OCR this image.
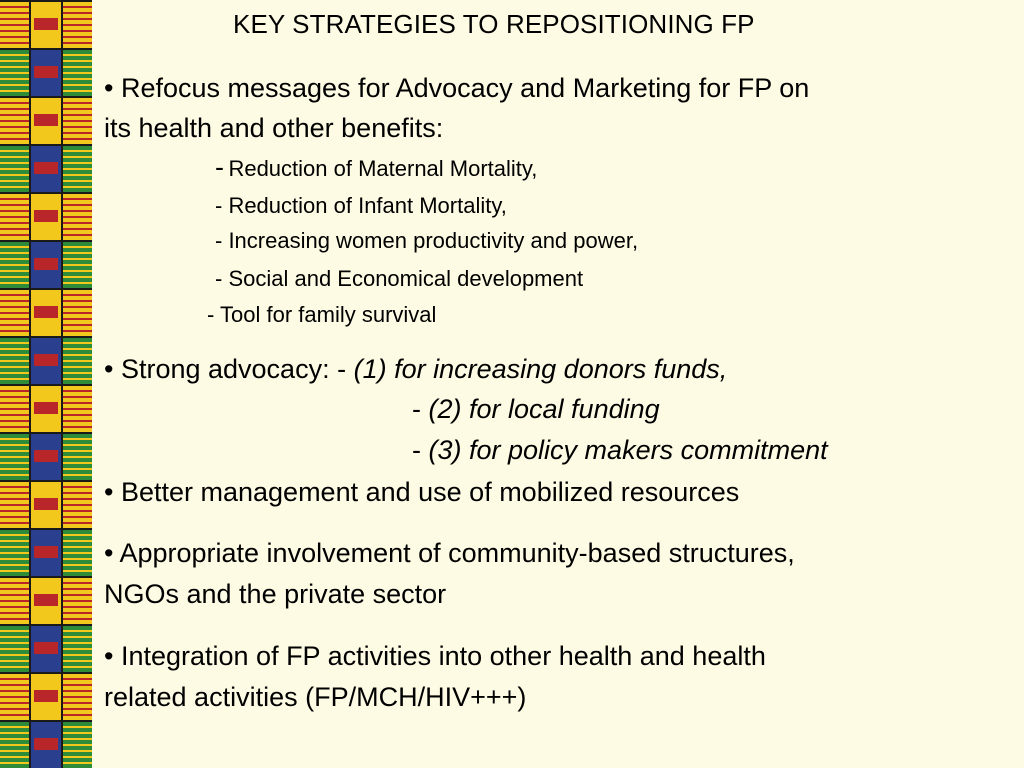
KEY STRATEGIES TO REPOSITIONING FP
• Refocus messages for Advocacy and Marketing for FP on
its health and other benefits:
- Reduction of Maternal Mortality,
- Reduction of Infant Mortality,
- Increasing women productivity and power,
- Social and Economical development
- Tool for family survival
• Strong advocacy: - (1) for increasing donors funds,
- (2) for local funding
- (3) for policy makers commitment
• Better management and use of mobilized resources
• Appropriate involvement of community-based structures,
NGOs and the private sector
• Integration of FP activities into other health and health
related activities (FP/MCH/HIV+++)
